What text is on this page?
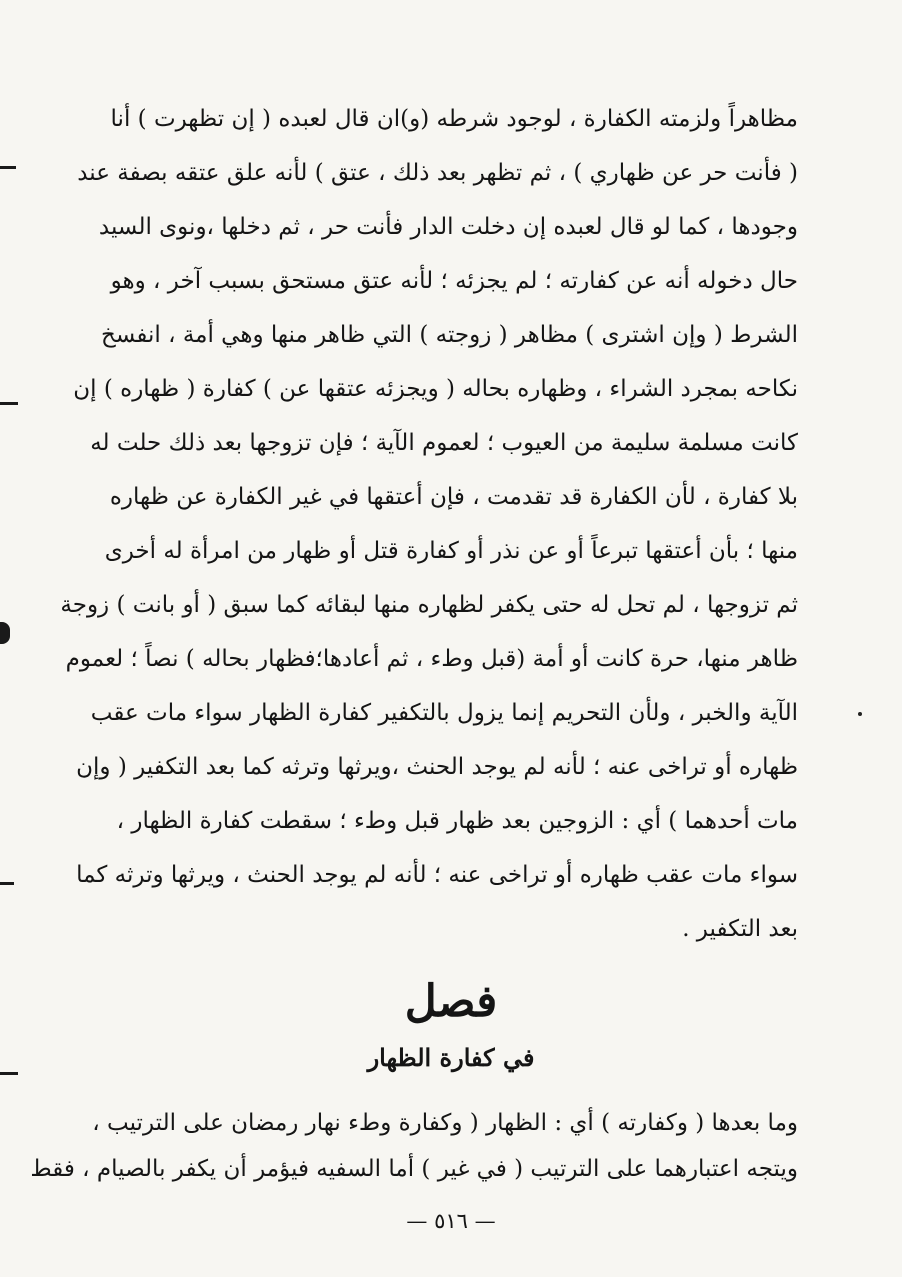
مظاهراً ولزمته الكفارة ، لوجود شرطه (و)ان قال لعبده ( إن تظهرت ) أنا
( فأنت حر عن ظهاري ) ، ثم تظهر بعد ذلك ، عتق ) لأنه علق عتقه بصفة عند
وجودها ، كما لو قال لعبده إن دخلت الدار فأنت حر ، ثم دخلها ،ونوى السيد
حال دخوله أنه عن كفارته ؛ لم يجزئه ؛ لأنه عتق مستحق بسبب آخر ، وهو
الشرط ( وإن اشترى ) مظاهر ( زوجته ) التي ظاهر منها وهي أمة ، انفسخ
نكاحه بمجرد الشراء ، وظهاره بحاله ( ويجزئه عتقها عن ) كفارة ( ظهاره ) إن
كانت مسلمة سليمة من العيوب ؛ لعموم الآية ؛ فإن تزوجها بعد ذلك حلت له
بلا كفارة ، لأن الكفارة قد تقدمت ، فإن أعتقها في غير الكفارة عن ظهاره
منها ؛ بأن أعتقها تبرعاً أو عن نذر أو كفارة قتل أو ظهار من امرأة له أخرى
ثم تزوجها ، لم تحل له حتى يكفر لظهاره منها لبقائه كما سبق ( أو بانت ) زوجة
ظاهر منها، حرة كانت أو أمة (قبل وطء ، ثم أعادها؛فظهار بحاله ) نصاً ؛ لعموم
الآية والخبر ، ولأن التحريم إنما يزول بالتكفير كفارة الظهار سواء مات عقب
ظهاره أو تراخى عنه ؛ لأنه لم يوجد الحنث ،ويرثها وترثه كما بعد التكفير ( وإن
مات أحدهما ) أي : الزوجين بعد ظهار قبل وطء ؛ سقطت كفارة الظهار ،
سواء مات عقب ظهاره أو تراخى عنه ؛ لأنه لم يوجد الحنث ، ويرثها وترثه كما
بعد التكفير .
فصل
في كفارة الظهار
وما بعدها ( وكفارته ) أي : الظهار ( وكفارة وطء نهار رمضان على الترتيب ،
ويتجه اعتبارهما على الترتيب ( في غير ) أما السفيه فيؤمر أن يكفر بالصيام ، فقط
— ٥١٦ —
